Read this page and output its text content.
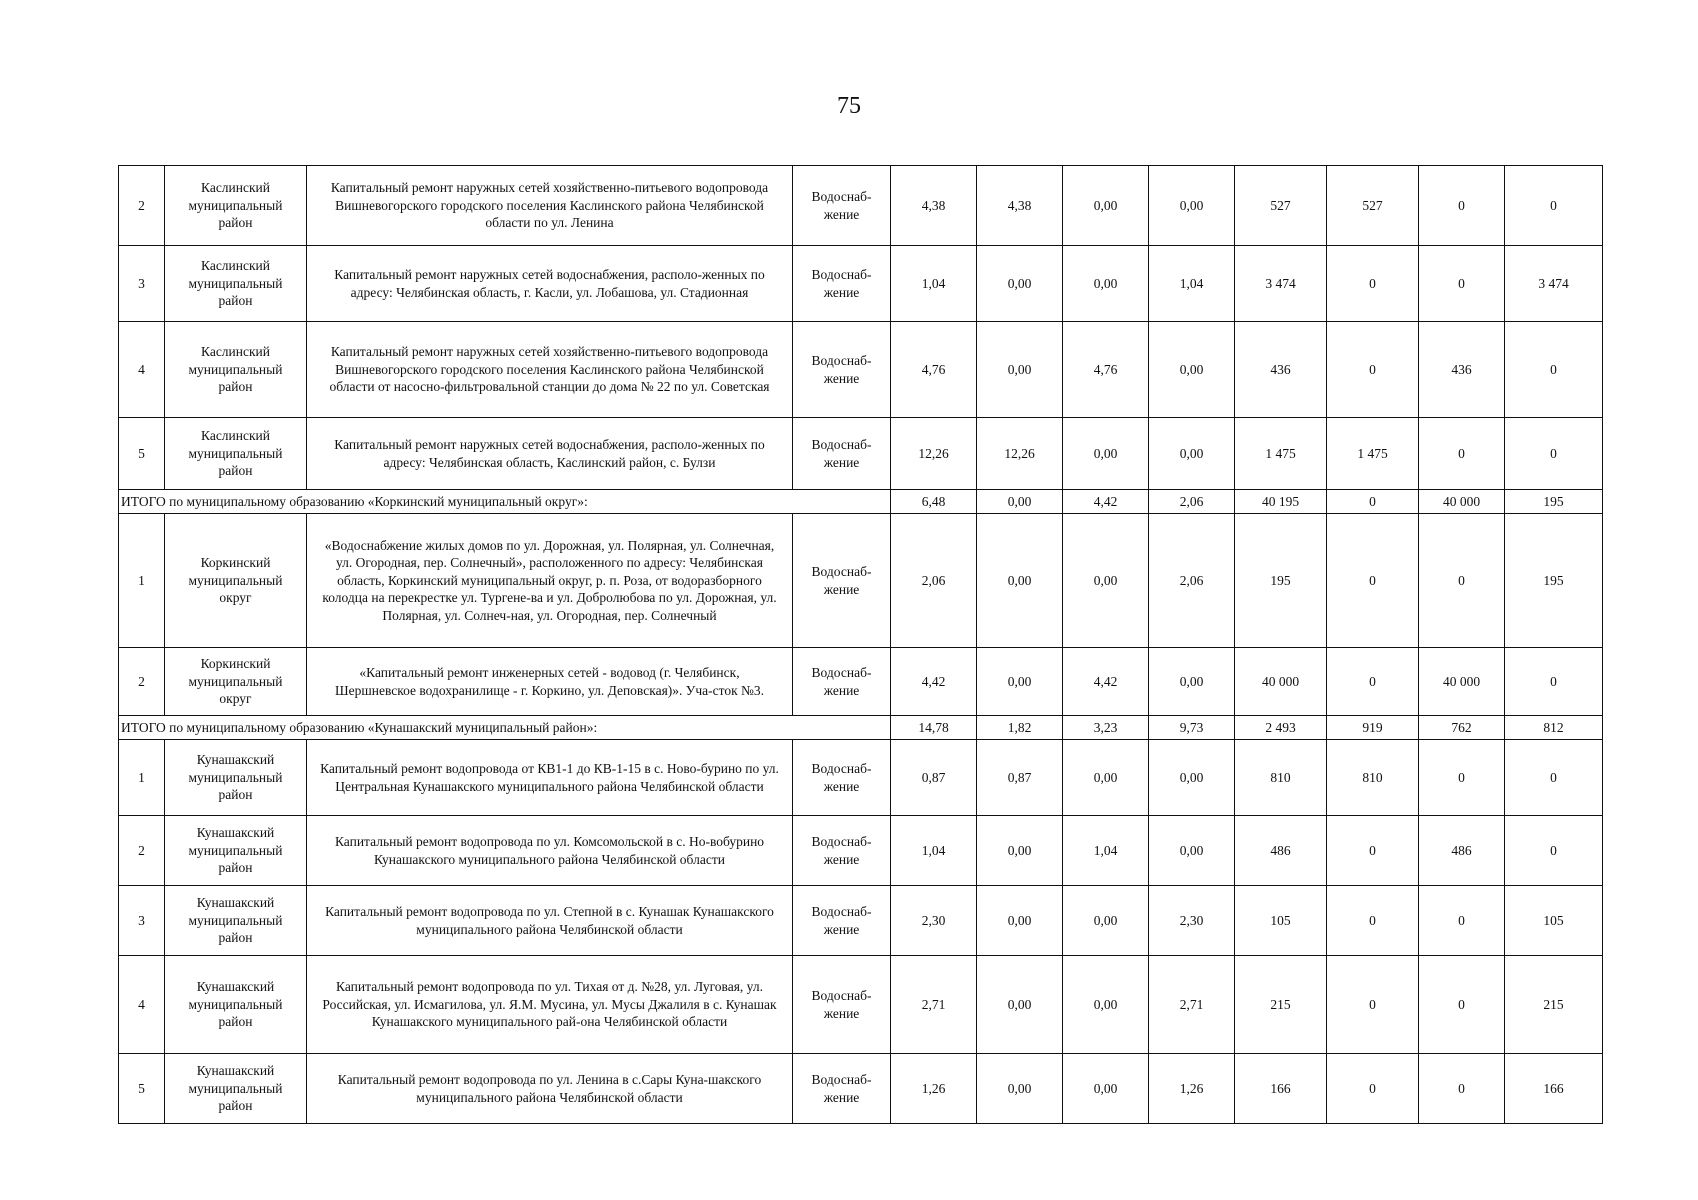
75
2	Каслинский муниципальный район	Капитальный ремонт наружных сетей хозяйственно-питьевого водопровода Вишневогорского городского поселения Каслинского района Челябинской области по ул. Ленина	Водоснаб-жение	4,38	4,38	0,00	0,00	527	527	0	0
3	Каслинский муниципальный район	Капитальный ремонт наружных сетей водоснабжения, располо-женных по адресу: Челябинская область, г. Касли, ул. Лобашова, ул. Стадионная	Водоснаб-жение	1,04	0,00	0,00	1,04	3 474	0	0	3 474
4	Каслинский муниципальный район	Капитальный ремонт наружных сетей хозяйственно-питьевого водопровода Вишневогорского городского поселения Каслинского района Челябинской области от насосно-фильтровальной станции до дома № 22 по ул. Советская	Водоснаб-жение	4,76	0,00	4,76	0,00	436	0	436	0
5	Каслинский муниципальный район	Капитальный ремонт наружных сетей водоснабжения, располо-женных по адресу: Челябинская область, Каслинский район, с. Булзи	Водоснаб-жение	12,26	12,26	0,00	0,00	1 475	1 475	0	0
ИТОГО по муниципальному образованию «Коркинский муниципальный округ»:				6,48	0,00	4,42	2,06	40 195	0	40 000	195
1	Коркинский муниципальный округ	«Водоснабжение жилых домов по ул. Дорожная, ул. Полярная, ул. Солнечная, ул. Огородная, пер. Солнечный», расположенного по адресу: Челябинская область, Коркинский муниципальный округ, р. п. Роза, от водоразборного колодца на перекрестке ул. Тургене-ва и ул. Добролюбова по ул. Дорожная, ул. Полярная, ул. Солнеч-ная, ул. Огородная, пер. Солнечный	Водоснаб-жение	2,06	0,00	0,00	2,06	195	0	0	195
2	Коркинский муниципальный округ	«Капитальный ремонт инженерных сетей - водовод (г. Челябинск, Шершневское водохранилище - г. Коркино, ул. Деповская)». Уча-сток №3.	Водоснаб-жение	4,42	0,00	4,42	0,00	40 000	0	40 000	0
ИТОГО по муниципальному образованию «Кунашакский муниципальный район»:				14,78	1,82	3,23	9,73	2 493	919	762	812
1	Кунашакский муниципальный район	Капитальный ремонт водопровода от КВ1-1 до КВ-1-15 в с. Ново-бурино по ул. Центральная Кунашакского муниципального района Челябинской области	Водоснаб-жение	0,87	0,87	0,00	0,00	810	810	0	0
2	Кунашакский муниципальный район	Капитальный ремонт водопровода по ул. Комсомольской в с. Но-вобурино Кунашакского муниципального района Челябинской области	Водоснаб-жение	1,04	0,00	1,04	0,00	486	0	486	0
3	Кунашакский муниципальный район	Капитальный ремонт водопровода по ул. Степной в с. Кунашак Кунашакского муниципального района Челябинской области	Водоснаб-жение	2,30	0,00	0,00	2,30	105	0	0	105
4	Кунашакский муниципальный район	Капитальный ремонт водопровода по ул. Тихая от д. №28, ул. Луговая, ул. Российская, ул. Исмагилова, ул. Я.М. Мусина, ул. Мусы Джалиля в с. Кунашак Кунашакского муниципального рай-она Челябинской области	Водоснаб-жение	2,71	0,00	0,00	2,71	215	0	0	215
5	Кунашакский муниципальный район	Капитальный ремонт водопровода по ул. Ленина в с.Сары Куна-шакского муниципального района Челябинской области	Водоснаб-жение	1,26	0,00	0,00	1,26	166	0	0	166
